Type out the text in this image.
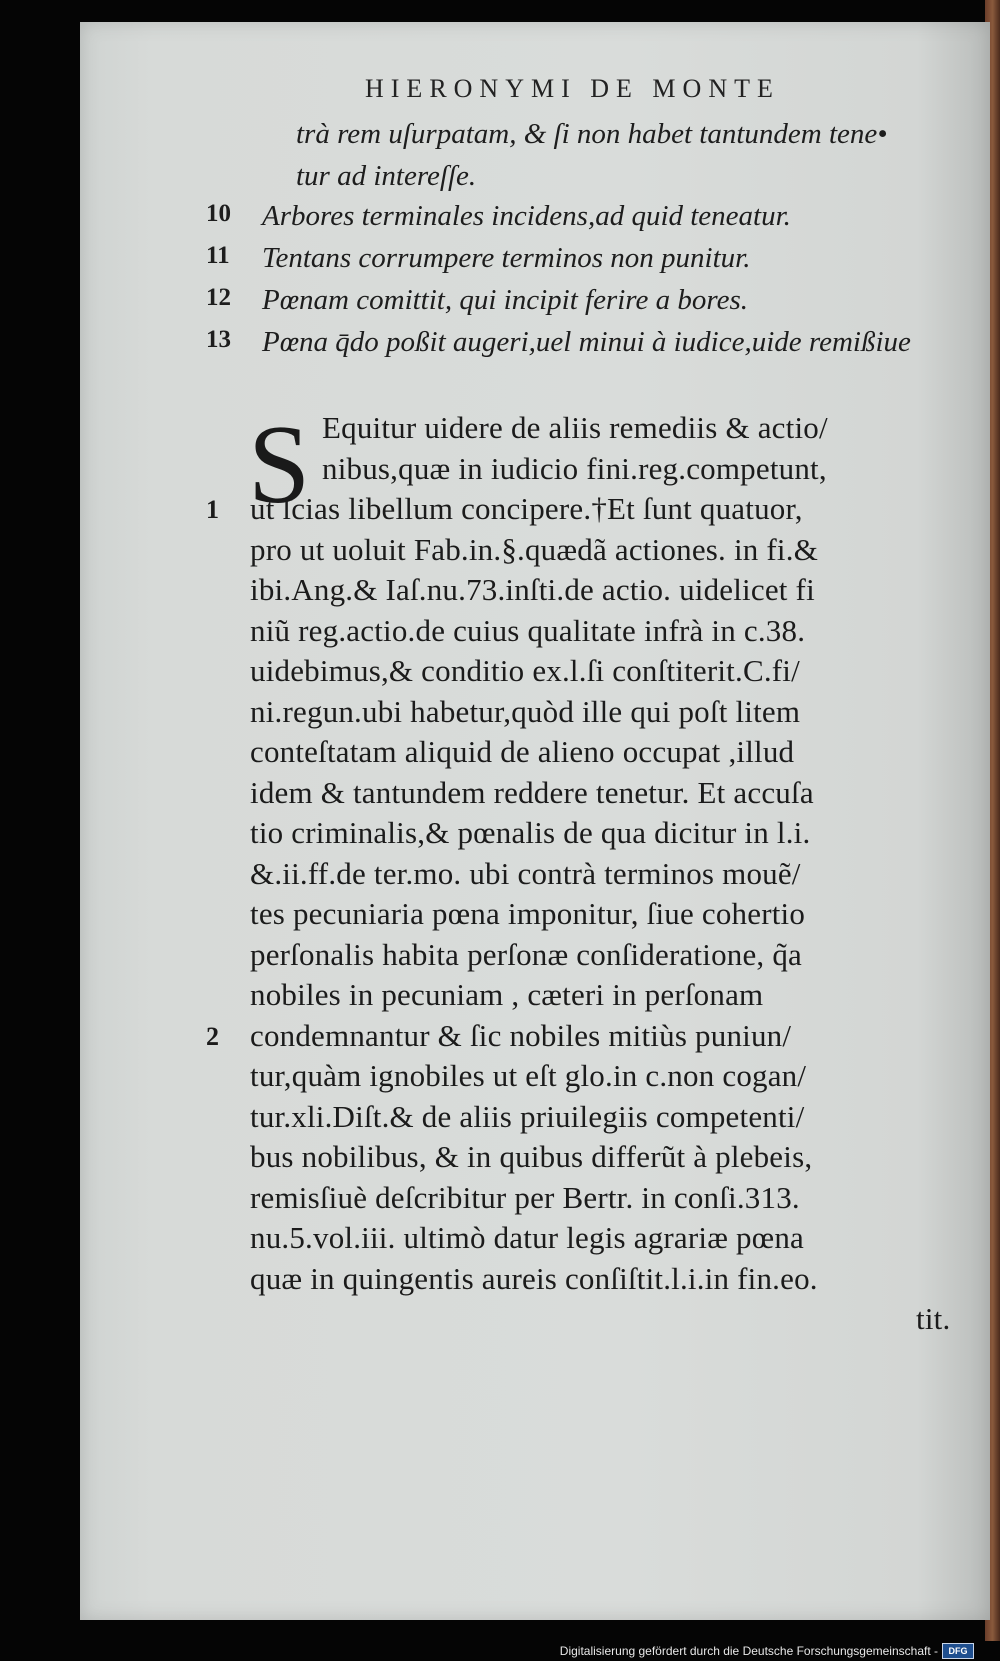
HIERONYMI DE MONTE
trà rem uſurpatam, & ſi non habet tantundem tene•
tur ad intereſſe.
10 Arbores terminales incidens,ad quid teneatur.
11 Tentans corrumpere terminos non punitur.
12 Pœnam comittit, qui incipit ferire a bores.
13 Pœna q̄do poßit augeri,uel minui à iudice,uide remißiue
S Equitur uidere de aliis remediis & actio/
nibus,quæ in iudicio fini.reg.competunt,
1 ut ſcias libellum concipere.†Et ſunt quatuor,
pro ut uoluit Fab.in.§.quædã actiones. in fi.&
ibi.Ang.& Iaſ.nu.73.inſti.de actio. uidelicet fi
niũ reg.actio.de cuius qualitate infrà in c.38.
uidebimus,& conditio ex.l.ſi conſtiterit.C.fi/
ni.regun.ubi habetur,quòd ille qui poſt litem
conteſtatam aliquid de alieno occupat ,illud
idem & tantundem reddere tenetur. Et accuſa
tio criminalis,& pœnalis de qua dicitur in l.i.
&.ii.ff.de ter.mo. ubi contrà terminos mouẽ/
tes pecuniaria pœna imponitur, ſiue cohertio
perſonalis habita perſonæ conſideratione, q̃a
nobiles in pecuniam , cæteri in perſonam
2 condemnantur & ſic nobiles mitiùs puniun/
tur,quàm ignobiles ut eſt glo.in c.non cogan/
tur.xli.Diſt.& de aliis priuilegiis competenti/
bus nobilibus, & in quibus differũt à plebeis,
remisſiuè deſcribitur per Bertr. in conſi.313.
nu.5.vol.iii. ultimò datur legis agrariæ pœna
quæ in quingentis aureis conſiſtit.l.i.in fin.eo.
tit.
Digitalisierung gefördert durch die Deutsche Forschungsgemeinschaft -	DFG
